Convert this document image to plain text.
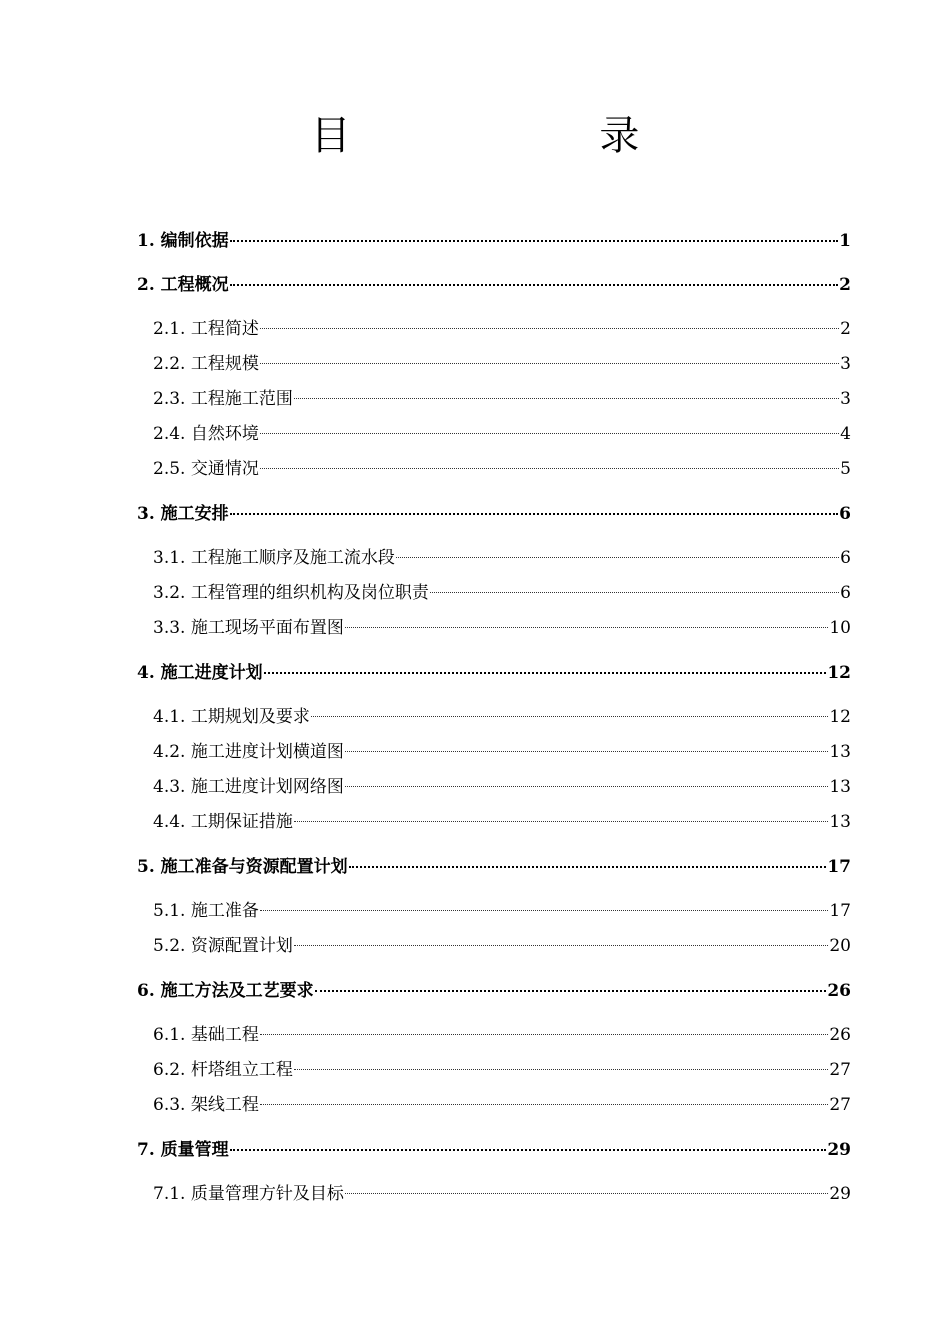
目 录
1. 编制依据	1
2. 工程概况	2
2.1. 工程简述	2
2.2. 工程规模	3
2.3. 工程施工范围	3
2.4. 自然环境	4
2.5. 交通情况	5
3. 施工安排	6
3.1. 工程施工顺序及施工流水段	6
3.2. 工程管理的组织机构及岗位职责	6
3.3. 施工现场平面布置图	10
4. 施工进度计划	12
4.1. 工期规划及要求	12
4.2. 施工进度计划横道图	13
4.3. 施工进度计划网络图	13
4.4. 工期保证措施	13
5. 施工准备与资源配置计划	17
5.1. 施工准备	17
5.2. 资源配置计划	20
6. 施工方法及工艺要求	26
6.1. 基础工程	26
6.2. 杆塔组立工程	27
6.3. 架线工程	27
7. 质量管理	29
7.1. 质量管理方针及目标	29
